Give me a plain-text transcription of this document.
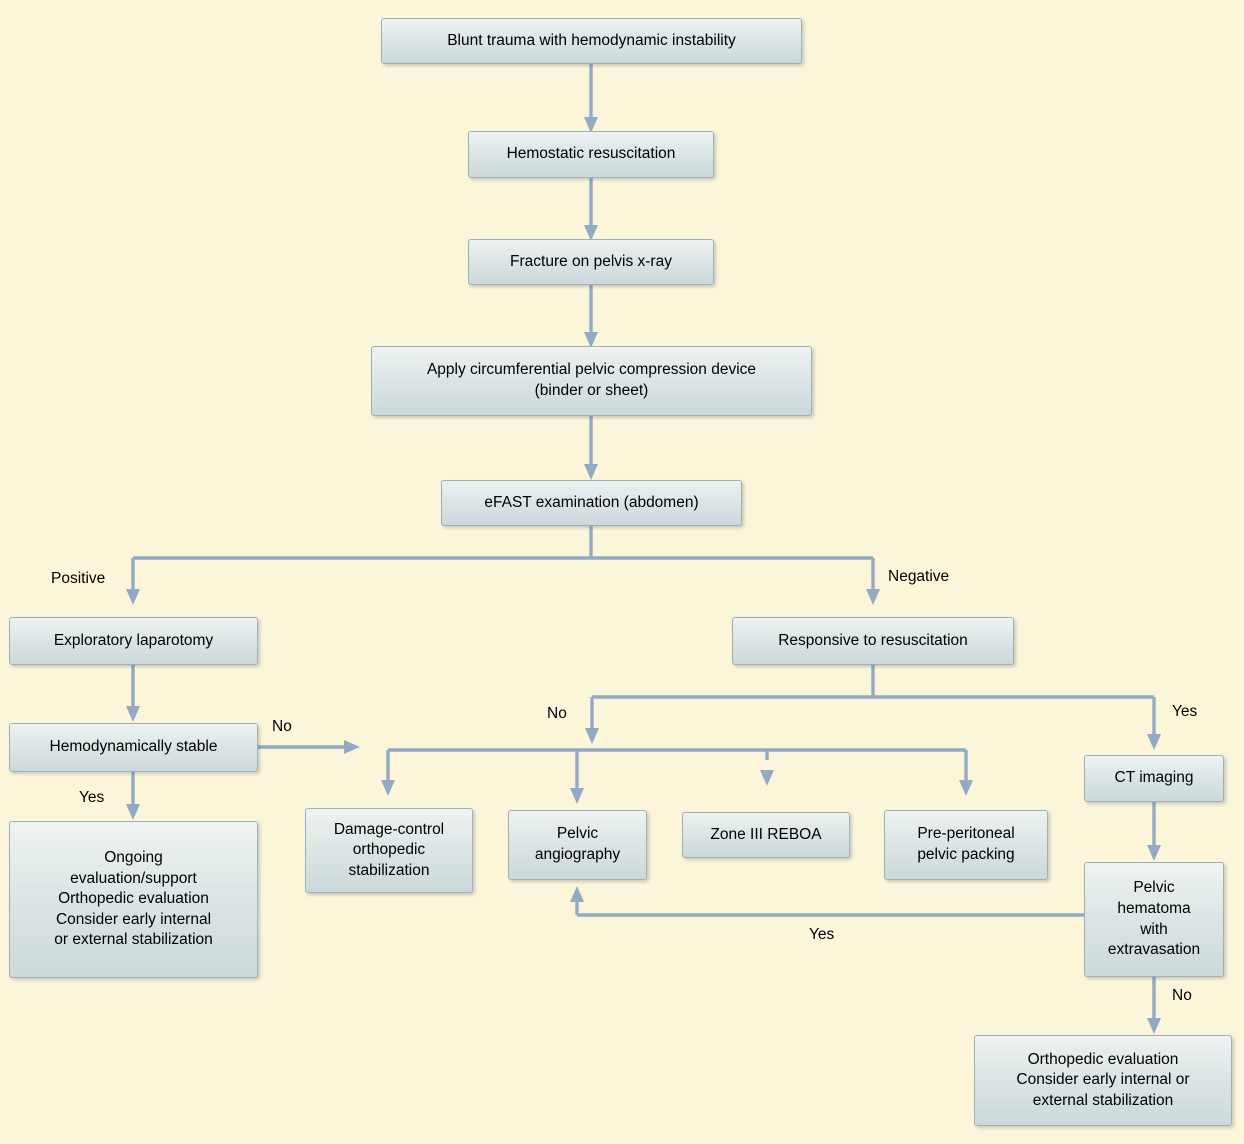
Blunt trauma with hemodynamic instability
Hemostatic resuscitation
Fracture on pelvis x-ray
Apply circumferential pelvic compression device
(binder or sheet)
eFAST examination (abdomen)
Exploratory laparotomy
Hemodynamically stable
Ongoing
evaluation/support
Orthopedic evaluation
Consider early internal
or external stabilization
Responsive to resuscitation
Damage-control
orthopedic
stabilization
Pelvic
angiography
Zone III REBOA	Pre-peritoneal
pelvic packing
CT imaging
Pelvic
hematoma
with
extravasation
Orthopedic evaluation
Consider early internal or
external stabilization
Positive	Negative
No
Yes
No	Yes
Yes
No
